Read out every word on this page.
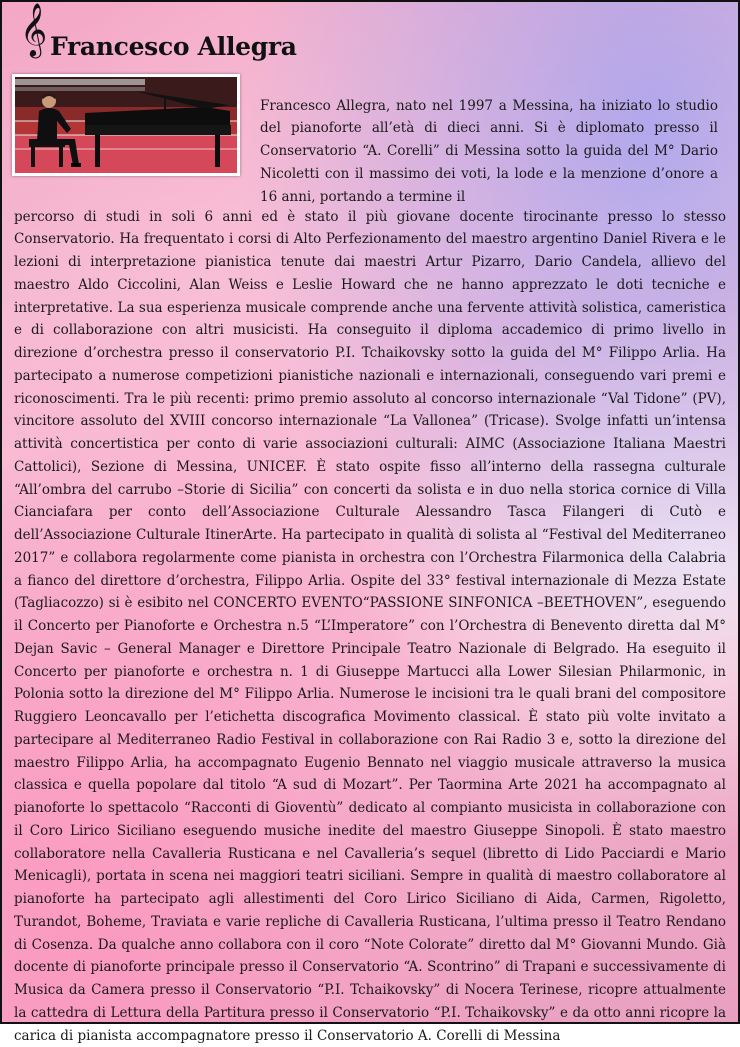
𝄞 Francesco Allegra

Francesco Allegra, nato nel 1997 a Messina, ha iniziato lo studio del pianoforte all’età di dieci anni. Si è diplomato presso il Conservatorio “A. Corelli” di Messina sotto la guida del M° Dario Nicoletti con il massimo dei voti, la lode e la menzione d’onore a 16 anni, portando a termine il

percorso di studi in soli 6 anni ed è stato il più giovane docente tirocinante presso lo stesso Conservatorio. Ha frequentato i corsi di Alto Perfezionamento del maestro argentino Daniel Rivera e le lezioni di interpretazione pianistica tenute dai maestri Artur Pizarro, Dario Candela, allievo del maestro Aldo Ciccolini, Alan Weiss e Leslie Howard che ne hanno apprezzato le doti tecniche e interpretative. La sua esperienza musicale comprende anche una fervente attività solistica, cameristica e di collaborazione con altri musicisti. Ha conseguito il diploma accademico di primo livello in direzione d’orchestra presso il conservatorio P.I. Tchaikovsky sotto la guida del M° Filippo Arlia. Ha partecipato a numerose competizioni pianistiche nazionali e internazionali, conseguendo vari premi e riconoscimenti. Tra le più recenti: primo premio assoluto al concorso internazionale “Val Tidone” (PV), vincitore assoluto del XVIII concorso internazionale “La Vallonea” (Tricase). Svolge infatti un’intensa attività concertistica per conto di varie associazioni culturali: AIMC (Associazione Italiana Maestri Cattolici), Sezione di Messina, UNICEF. È stato ospite fisso all’interno della rassegna culturale “All’ombra del carrubo –Storie di Sicilia” con concerti da solista e in duo nella storica cornice di Villa Cianciafara per conto dell’Associazione Culturale Alessandro Tasca Filangeri di Cutò e dell’Associazione Culturale ItinerArte. Ha partecipato in qualità di solista al “Festival del Mediterraneo 2017” e collabora regolarmente come pianista in orchestra con l’Orchestra Filarmonica della Calabria a fianco del direttore d’orchestra, Filippo Arlia. Ospite del 33° festival internazionale di Mezza Estate (Tagliacozzo) si è esibito nel CONCERTO EVENTO“PASSIONE SINFONICA –BEETHOVEN”, eseguendo il Concerto per Pianoforte e Orchestra n.5 “L’Imperatore” con l’Orchestra di Benevento diretta dal M° Dejan Savic – General Manager e Direttore Principale Teatro Nazionale di Belgrado. Ha eseguito il Concerto per pianoforte e orchestra n. 1 di Giuseppe Martucci alla Lower Silesian Philarmonic, in Polonia sotto la direzione del M° Filippo Arlia. Numerose le incisioni tra le quali brani del compositore Ruggiero Leoncavallo per l’etichetta discografica Movimento classical. È stato più volte invitato a partecipare al Mediterraneo Radio Festival in collaborazione con Rai Radio 3 e, sotto la direzione del maestro Filippo Arlia, ha accompagnato Eugenio Bennato nel viaggio musicale attraverso la musica classica e quella popolare dal titolo “A sud di Mozart”. Per Taormina Arte 2021 ha accompagnato al pianoforte lo spettacolo “Racconti di Gioventù” dedicato al compianto musicista in collaborazione con il Coro Lirico Siciliano eseguendo musiche inedite del maestro Giuseppe Sinopoli. È stato maestro collaboratore nella Cavalleria Rusticana e nel Cavalleria’s sequel (libretto di Lido Pacciardi e Mario Menicagli), portata in scena nei maggiori teatri siciliani. Sempre in qualità di maestro collaboratore al pianoforte ha partecipato agli allestimenti del Coro Lirico Siciliano di Aida, Carmen, Rigoletto, Turandot, Boheme, Traviata e varie repliche di Cavalleria Rusticana, l’ultima presso il Teatro Rendano di Cosenza. Da qualche anno collabora con il coro “Note Colorate” diretto dal M° Giovanni Mundo. Già docente di pianoforte principale presso il Conservatorio “A. Scontrino” di Trapani e successivamente di Musica da Camera presso il Conservatorio “P.I. Tchaikovsky” di Nocera Terinese, ricopre attualmente la cattedra di Lettura della Partitura presso il Conservatorio “P.I. Tchaikovsky” e da otto anni ricopre la carica di pianista accompagnatore presso il Conservatorio A. Corelli di Messina
